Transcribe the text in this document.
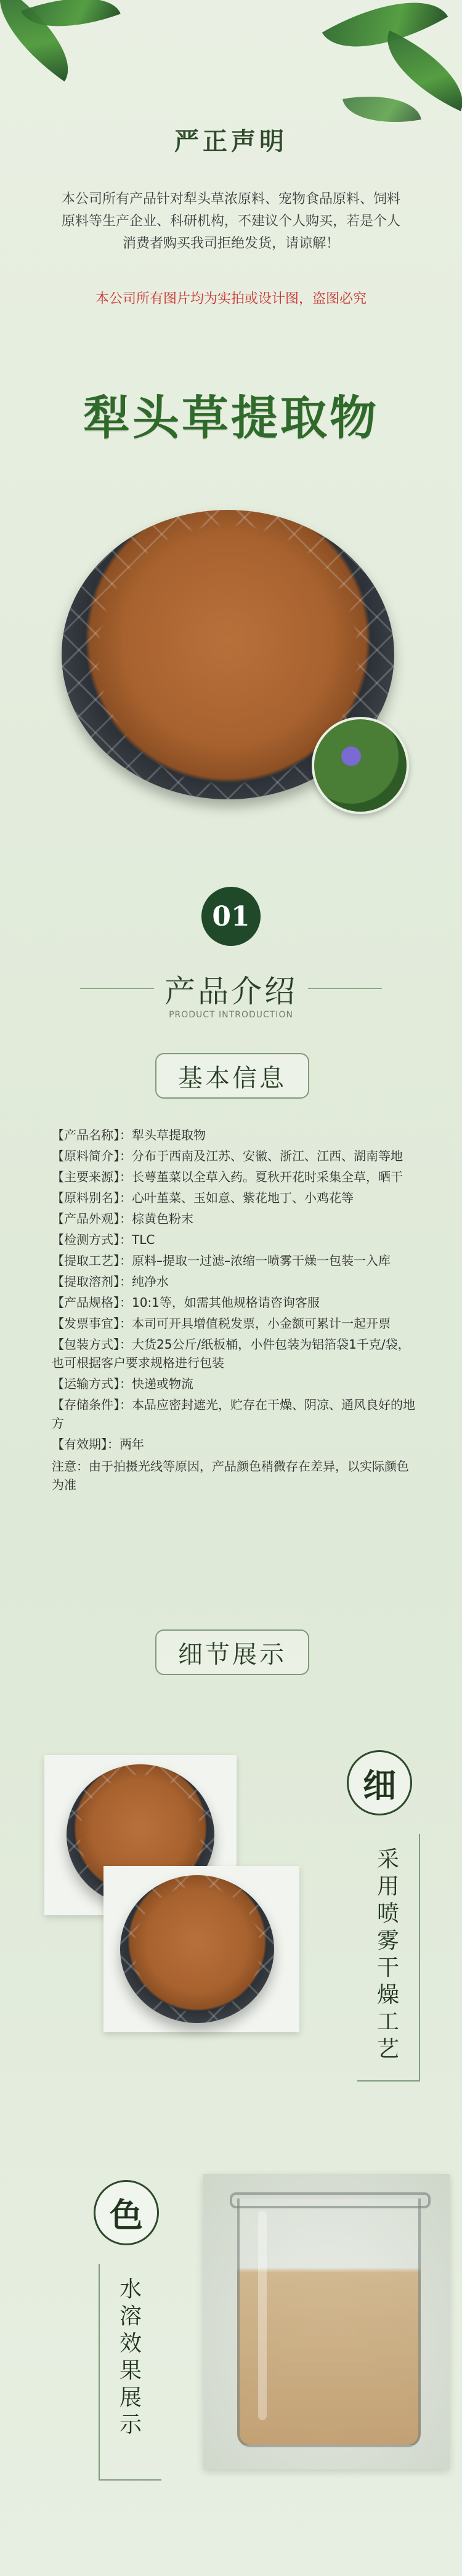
严正声明
本公司所有产品针对犁头草浓原料、宠物食品原料、饲料原料等生产企业、科研机构，不建议个人购买，若是个人消费者购买我司拒绝发货，请谅解！
本公司所有图片均为实拍或设计图，盗图必究
犁头草提取物
01
产品介绍
PRODUCT INTRODUCTION
基本信息
【产品名称】：犁头草提取物
【原料简介】：分布于西南及江苏、安徽、浙江、江西、湖南等地
【主要来源】：长萼堇菜以全草入药。夏秋开花时采集全草，晒干
【原料别名】：心叶堇菜、玉如意、紫花地丁、小鸡花等
【产品外观】：棕黄色粉末
【检测方式】：TLC
【提取工艺】：原料–提取一过滤–浓缩一喷雾干燥一包装一入库
【提取溶剂】：纯净水
【产品规格】：10:1等，如需其他规格请咨询客服
【发票事宜】：本司可开具增值税发票，小金额可累计一起开票
【包装方式】：大货25公斤/纸板桶，小件包装为铝箔袋1千克/袋，也可根据客户要求规格进行包装
【运输方式】：快递或物流
【存储条件】：本品应密封遮光，贮存在干燥、阴凉、通风良好的地方
【有效期】：两年
注意：由于拍摄光线等原因，产品颜色稍微存在差异，以实际颜色为准
细节展示
细
采
用
喷
雾
干
燥
工
艺
色
水
溶
效
果
展
示
